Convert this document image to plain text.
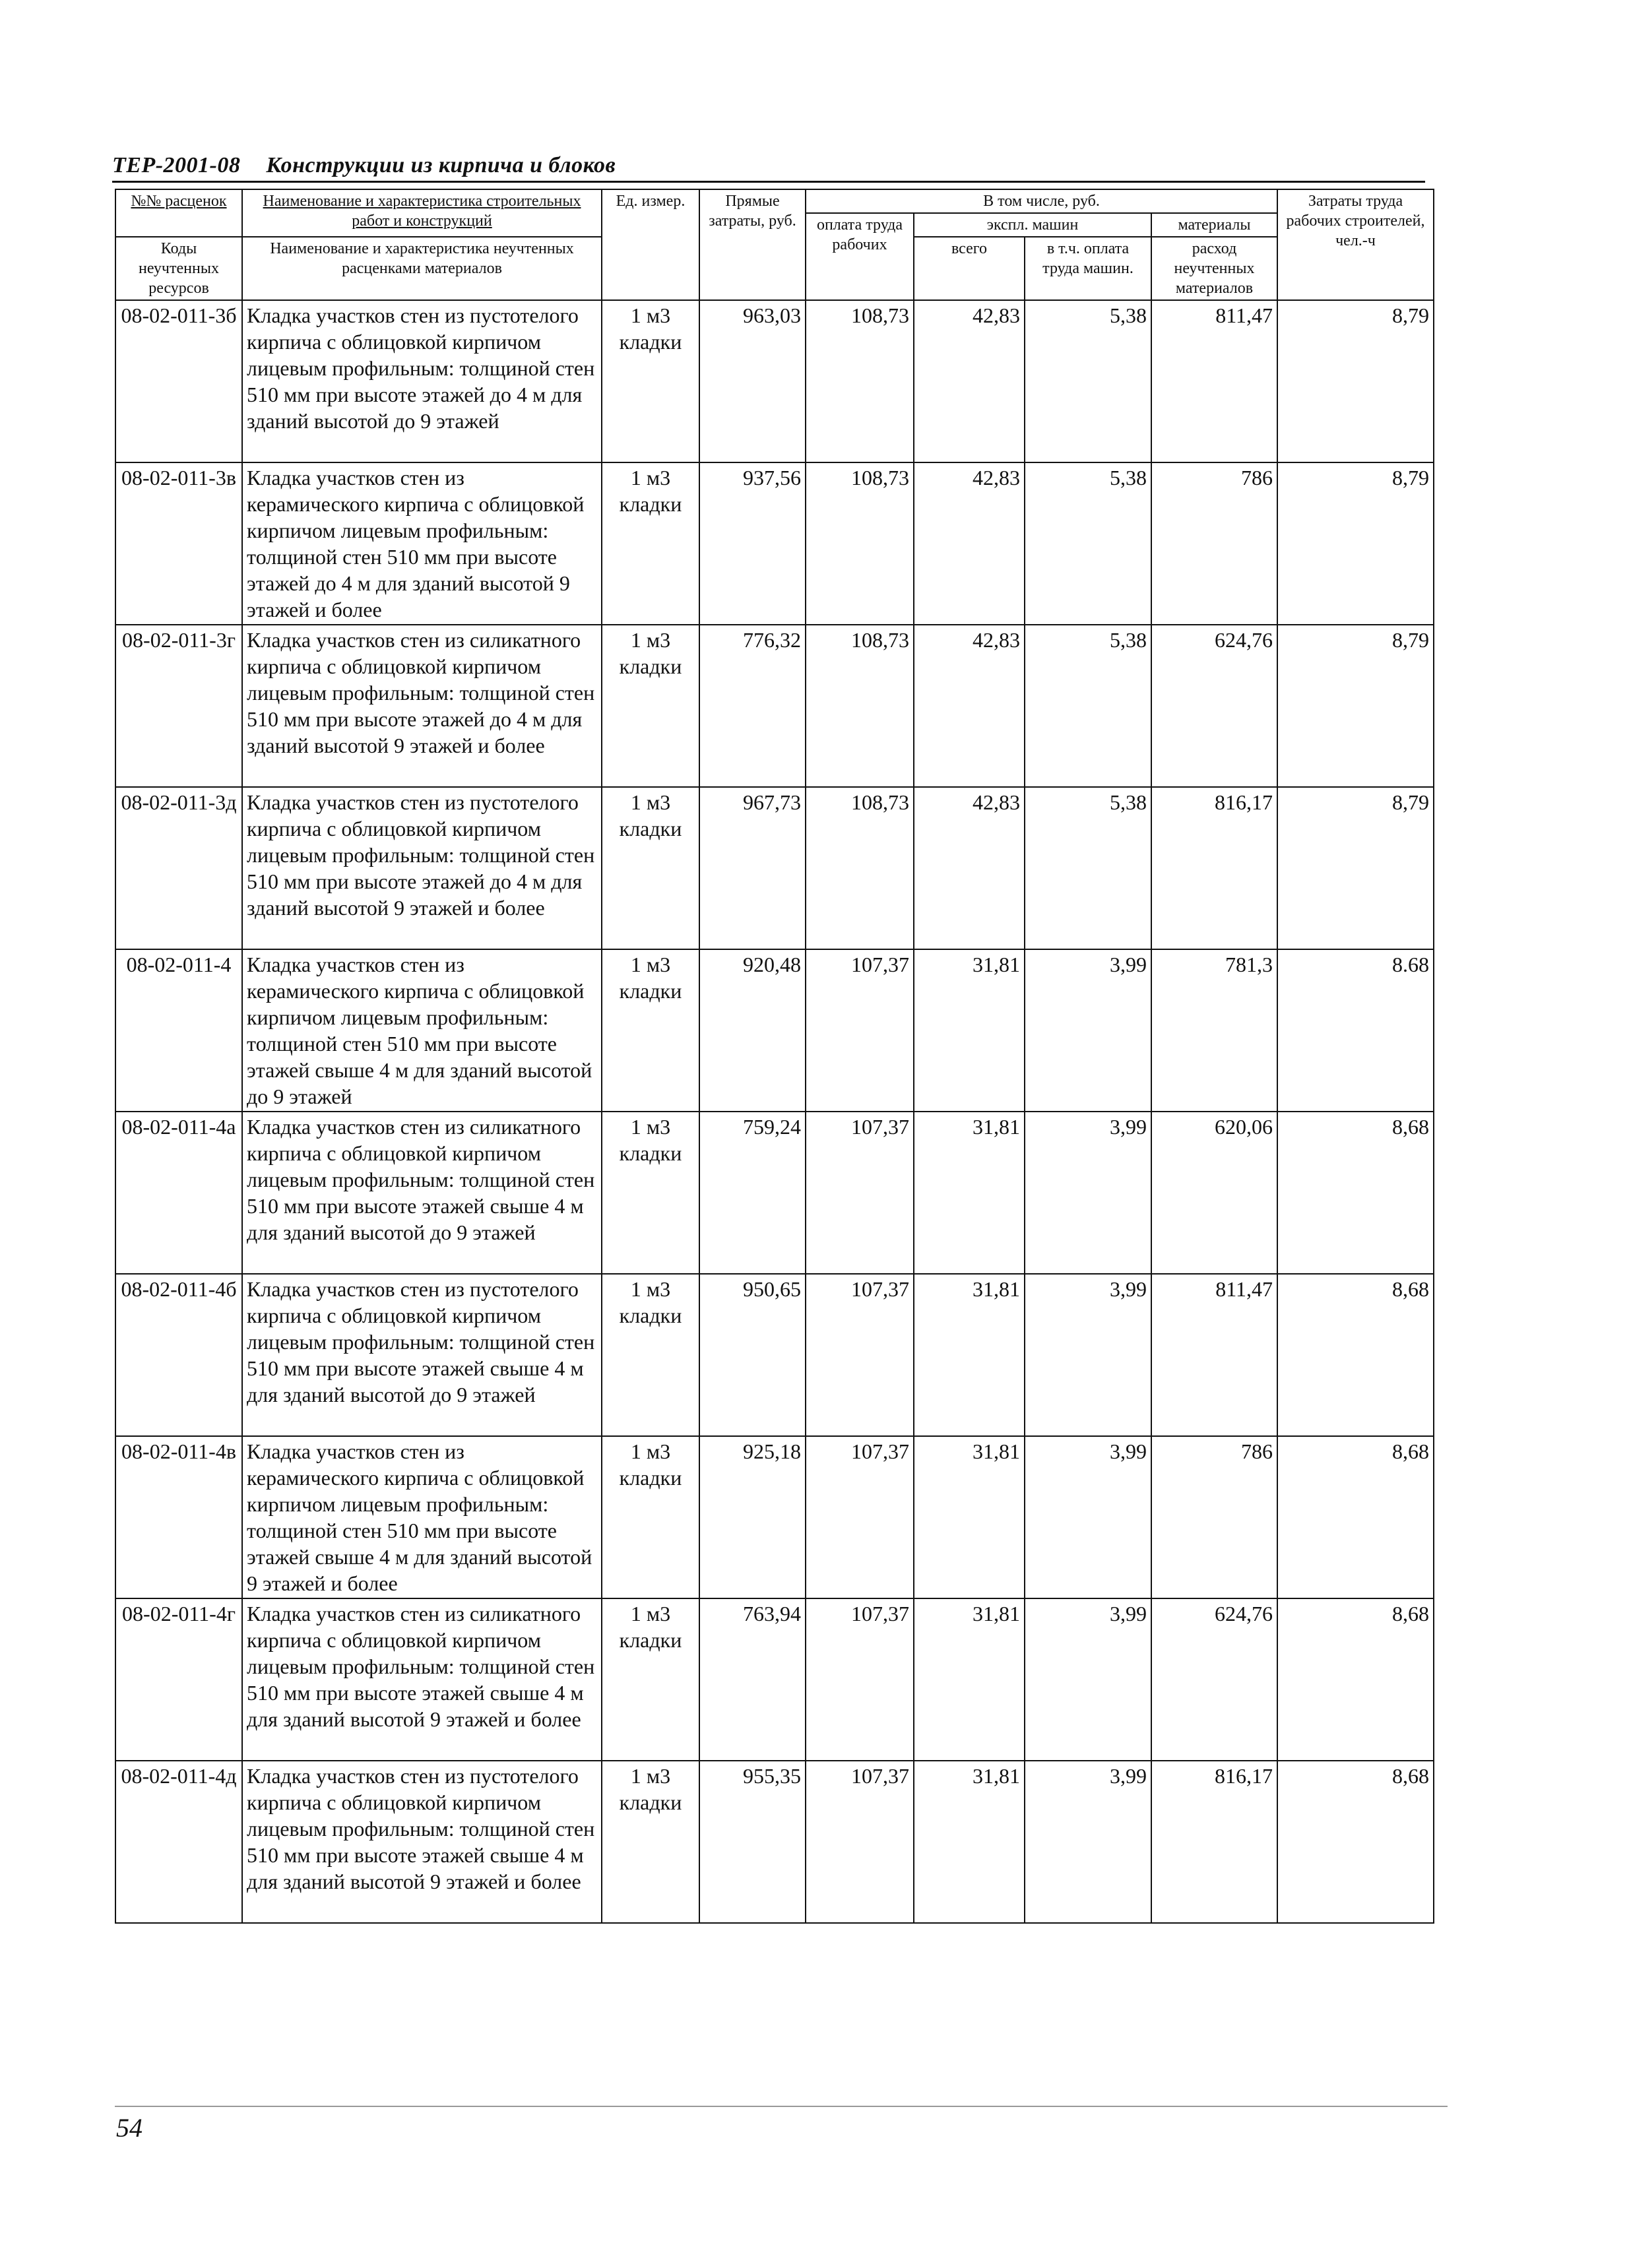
ТЕР-2001-08 Конструкции из кирпича и блоков
№№ расценок	Наименование и характеристика строительных работ и конструкций	Ед. измер.	Прямые затраты, руб.	В том числе, руб.				Затраты труда рабочих строителей, чел.-ч
				оплата труда рабочих	экспл. машин		материалы	
Коды неучтенных ресурсов	Наименование и характеристика неучтенных расценками материалов				всего	в т.ч. оплата труда машин.	расход неучтенных материалов	
08-02-011-3б	Кладка участков стен из пустотелого кирпича с облицовкой кирпичом лицевым профильным: толщиной стен 510 мм при высоте этажей до 4 м для зданий высотой до 9 этажей	1 м3 кладки	963,03	108,73	42,83	5,38	811,47	8,79
08-02-011-3в	Кладка участков стен из керамического кирпича с облицовкой кирпичом лицевым профильным: толщиной стен 510 мм при высоте этажей до 4 м для зданий высотой 9 этажей и более	1 м3 кладки	937,56	108,73	42,83	5,38	786	8,79
08-02-011-3г	Кладка участков стен из силикатного кирпича с облицовкой кирпичом лицевым профильным: толщиной стен 510 мм при высоте этажей до 4 м для зданий высотой 9 этажей и более	1 м3 кладки	776,32	108,73	42,83	5,38	624,76	8,79
08-02-011-3д	Кладка участков стен из пустотелого кирпича с облицовкой кирпичом лицевым профильным: толщиной стен 510 мм при высоте этажей до 4 м для зданий высотой 9 этажей и более	1 м3 кладки	967,73	108,73	42,83	5,38	816,17	8,79
08-02-011-4	Кладка участков стен из керамического кирпича с облицовкой кирпичом лицевым профильным: толщиной стен 510 мм при высоте этажей свыше 4 м для зданий высотой до 9 этажей	1 м3 кладки	920,48	107,37	31,81	3,99	781,3	8.68
08-02-011-4а	Кладка участков стен из силикатного кирпича с облицовкой кирпичом лицевым профильным: толщиной стен 510 мм при высоте этажей свыше 4 м для зданий высотой до 9 этажей	1 м3 кладки	759,24	107,37	31,81	3,99	620,06	8,68
08-02-011-4б	Кладка участков стен из пустотелого кирпича с облицовкой кирпичом лицевым профильным: толщиной стен 510 мм при высоте этажей свыше 4 м для зданий высотой до 9 этажей	1 м3 кладки	950,65	107,37	31,81	3,99	811,47	8,68
08-02-011-4в	Кладка участков стен из керамического кирпича с облицовкой кирпичом лицевым профильным: толщиной стен 510 мм при высоте этажей свыше 4 м для зданий высотой 9 этажей и более	1 м3 кладки	925,18	107,37	31,81	3,99	786	8,68
08-02-011-4г	Кладка участков стен из силикатного кирпича с облицовкой кирпичом лицевым профильным: толщиной стен 510 мм при высоте этажей свыше 4 м для зданий высотой 9 этажей и более	1 м3 кладки	763,94	107,37	31,81	3,99	624,76	8,68
08-02-011-4д	Кладка участков стен из пустотелого кирпича с облицовкой кирпичом лицевым профильным: толщиной стен 510 мм при высоте этажей свыше 4 м для зданий высотой 9 этажей и более	1 м3 кладки	955,35	107,37	31,81	3,99	816,17	8,68
54
